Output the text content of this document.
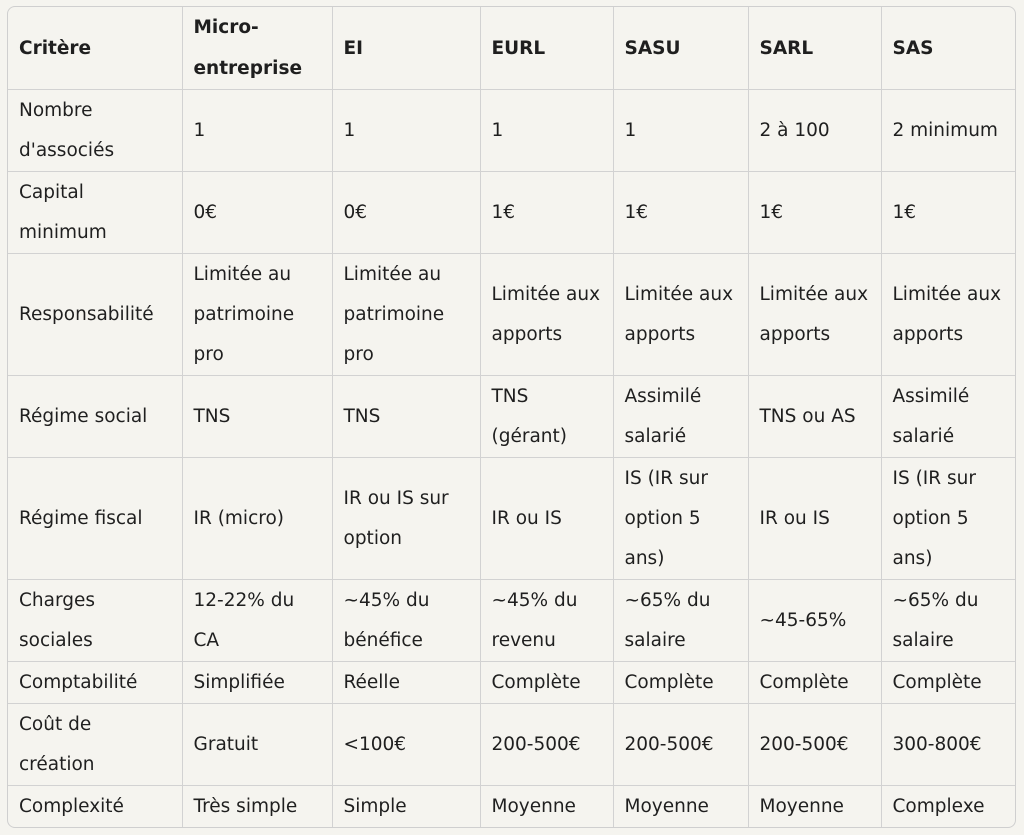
Critère	Micro-entreprise	EI	EURL	SASU	SARL	SAS
Nombre d'associés	1	1	1	1	2 à 100	2 minimum
Capital minimum	0€	0€	1€	1€	1€	1€
Responsabilité	Limitée au patrimoine pro	Limitée au patrimoine pro	Limitée aux apports	Limitée aux apports	Limitée aux apports	Limitée aux apports
Régime social	TNS	TNS	TNS (gérant)	Assimilé salarié	TNS ou AS	Assimilé salarié
Régime fiscal	IR (micro)	IR ou IS sur option	IR ou IS	IS (IR sur option 5 ans)	IR ou IS	IS (IR sur option 5 ans)
Charges sociales	12-22% du CA	~45% du bénéfice	~45% du revenu	~65% du salaire	~45-65%	~65% du salaire
Comptabilité	Simplifiée	Réelle	Complète	Complète	Complète	Complète
Coût de création	Gratuit	<100€	200-500€	200-500€	200-500€	300-800€
Complexité	Très simple	Simple	Moyenne	Moyenne	Moyenne	Complexe
